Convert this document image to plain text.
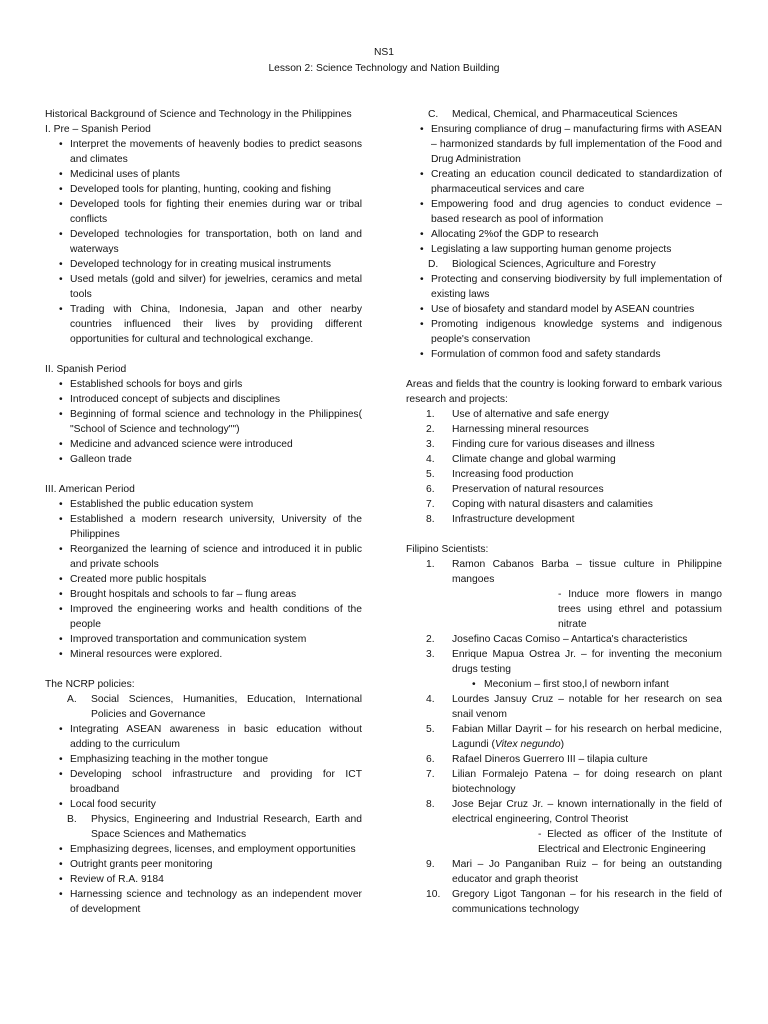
NS1
Lesson 2: Science Technology and Nation Building

Historical Background of Science and Technology in the Philippines

I. Pre – Spanish Period

• Interpret the movements of heavenly bodies to predict seasons and climates
• Medicinal uses of plants
• Developed tools for planting, hunting, cooking and fishing
• Developed tools for fighting their enemies during war or tribal conflicts
• Developed technologies for transportation, both on land and waterways
• Developed technology for in creating musical instruments
• Used metals (gold and silver) for jewelries, ceramics and metal tools
• Trading with China, Indonesia, Japan and other nearby countries influenced their lives by providing different opportunities for cultural and technological exchange.

II. Spanish Period

• Established schools for boys and girls
• Introduced concept of subjects and disciplines
• Beginning of formal science and technology in the Philippines( "School of Science and technology"")
• Medicine and advanced science were introduced
• Galleon trade

III. American Period

• Established the public education system
• Established a modern research university, University of the Philippines
• Reorganized the learning of science and introduced it in public and private schools
• Created more public hospitals
• Brought hospitals and schools to far – flung areas
• Improved the engineering works and health conditions of the people
• Improved transportation and communication system
• Mineral resources were explored.

The NCRP policies:

A. Social Sciences, Humanities, Education, International Policies and Governance
• Integrating ASEAN awareness in basic education without adding to the curriculum
• Emphasizing teaching in the mother tongue
• Developing school infrastructure and providing for ICT broadband
• Local food security
B. Physics, Engineering and Industrial Research, Earth and Space Sciences and Mathematics
• Emphasizing degrees, licenses, and employment opportunities
• Outright grants peer monitoring
• Review of R.A. 9184
• Harnessing science and technology as an independent mover of development
C. Medical, Chemical, and Pharmaceutical Sciences
• Ensuring compliance of drug – manufacturing firms with ASEAN – harmonized standards by full implementation of the Food and Drug Administration
• Creating an education council dedicated to standardization of pharmaceutical services and care
• Empowering food and drug agencies to conduct evidence – based research as pool of information
• Allocating 2%of the GDP to research
• Legislating a law supporting human genome projects
D. Biological Sciences, Agriculture and Forestry
• Protecting and conserving biodiversity by full implementation of existing laws
• Use of biosafety and standard model by ASEAN countries
• Promoting indigenous knowledge systems and indigenous people's conservation
• Formulation of common food and safety standards

Areas and fields that the country is looking forward to embark various research and projects:

1.	Use of alternative and safe energy
2.	Harnessing mineral resources
3.	Finding cure for various diseases and illness
4.	Climate change and global warming
5.	Increasing food production
6.	Preservation of natural resources
7.	Coping with natural disasters and calamities
8.	Infrastructure development

Filipino Scientists:

1.	Ramon Cabanos Barba – tissue culture in Philippine mangoes
- Induce more flowers in mango trees using ethrel and potassium nitrate
2.	Josefino Cacas Comiso – Antartica's characteristics
3.	Enrique Mapua Ostrea Jr. – for inventing the meconium drugs testing
• Meconium – first stoo,l of newborn infant
4.	Lourdes Jansuy Cruz – notable for her research on sea snail venom
5.	Fabian Millar Dayrit – for his research on herbal medicine, Lagundi (Vitex negundo)
6.	Rafael Dineros Guerrero III – tilapia culture
7.	Lilian Formalejo Patena – for doing research on plant biotechnology
8.	Jose Bejar Cruz Jr. – known internationally in the field of electrical engineering, Control Theorist
- Elected as officer of the Institute of Electrical and Electronic Engineering
9.	Mari – Jo Panganiban Ruiz – for being an outstanding educator and graph theorist
10.	Gregory Ligot Tangonan – for his research in the field of communications technology
